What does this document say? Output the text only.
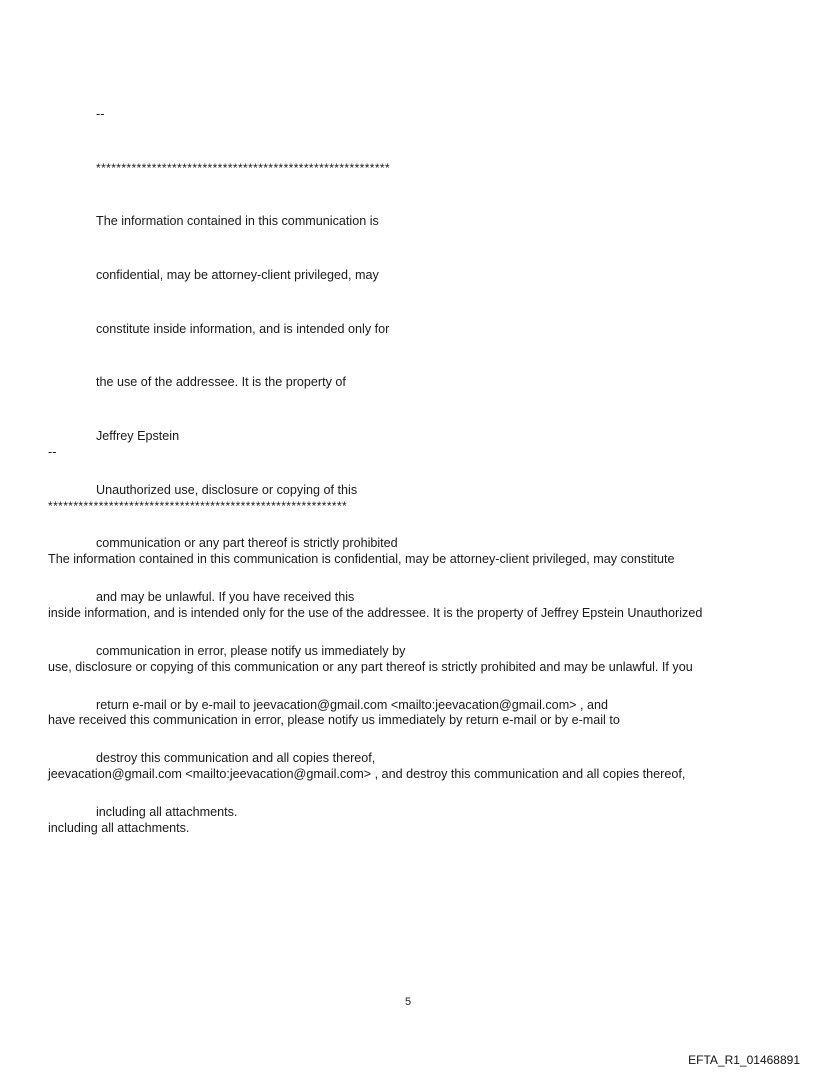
--

**********************************************************

The information contained in this communication is

confidential, may be attorney-client privileged, may

constitute inside information, and is intended only for

the use of the addressee. It is the property of

Jeffrey Epstein

Unauthorized use, disclosure or copying of this

communication or any part thereof is strictly prohibited

and may be unlawful. If you have received this

communication in error, please notify us immediately by

return e-mail or by e-mail to jeevacation@gmail.com <mailto:jeevacation@gmail.com> , and

destroy this communication and all copies thereof,

including all attachments.

--

***********************************************************

The information contained in this communication is confidential, may be attorney-client privileged, may constitute

inside information, and is intended only for the use of the addressee. It is the property of Jeffrey Epstein Unauthorized

use, disclosure or copying of this communication or any part thereof is strictly prohibited and may be unlawful. If you

have received this communication in error, please notify us immediately by return e-mail or by e-mail to

jeevacation@gmail.com <mailto:jeevacation@gmail.com> , and destroy this communication and all copies thereof,

including all attachments.

5
EFTA_R1_01468891
